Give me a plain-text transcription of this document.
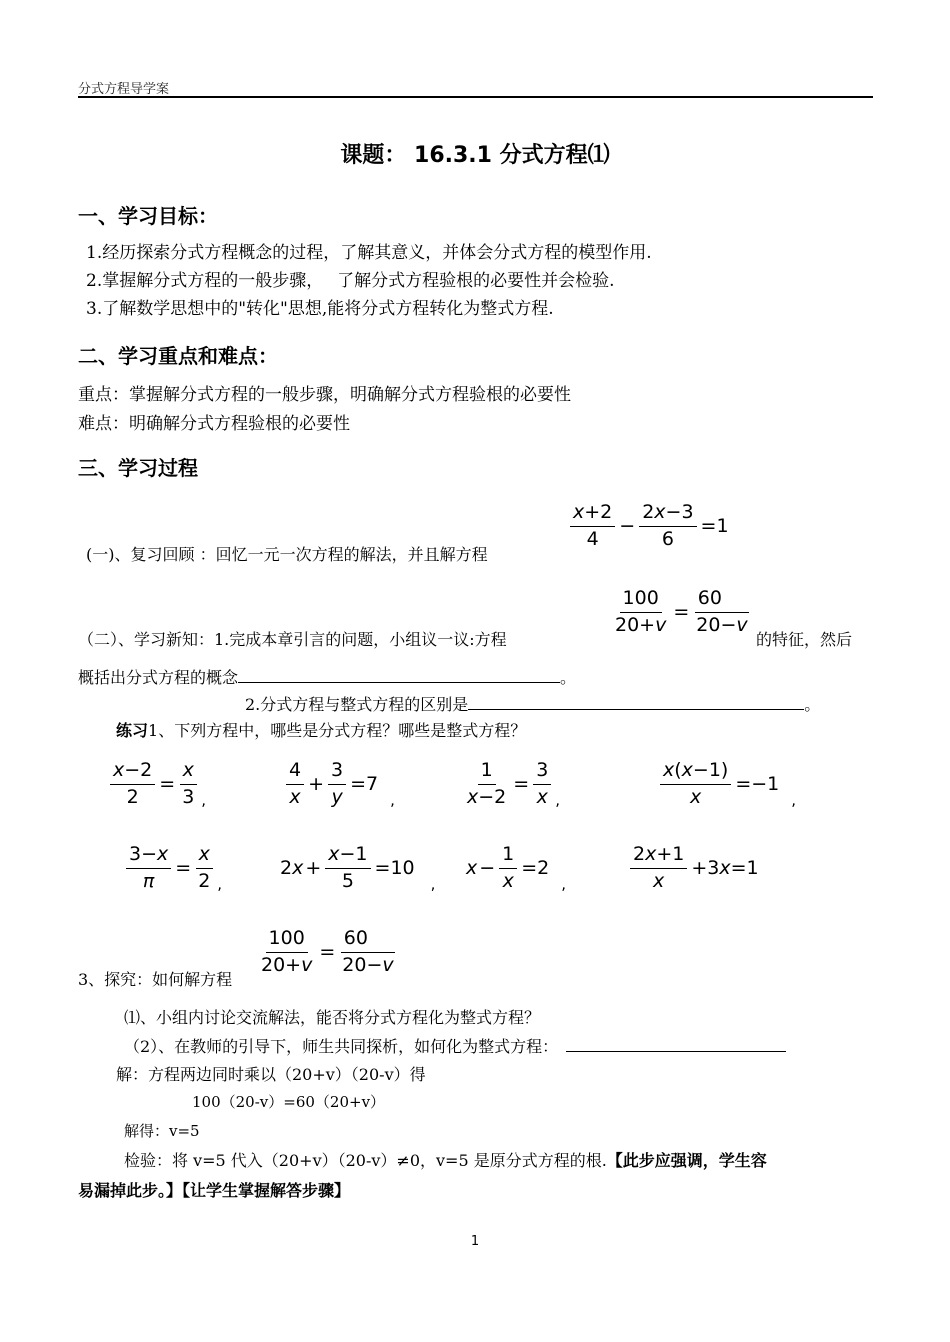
分式方程导学案
课题： 16.3.1 分式方程⑴
一、学习目标：
1.经历探索分式方程概念的过程，了解其意义，并体会分式方程的模型作用.
2.掌握解分式方程的一般步骤，　 了解分式方程验根的必要性并会检验.
3.了解数学思想中的"转化"思想,能将分式方程转化为整式方程.
二、学习重点和难点：
重点：掌握解分式方程的一般步骤，明确解分式方程验根的必要性
难点：明确解分式方程验根的必要性
三、学习过程
(一)、复习回顾 ：回忆一元一次方程的解法，并且解方程
$\frac{x+2}{4} - \frac{2x-3}{6} =1$
（二）、学习新知：1.完成本章引言的问题，小组议一议:方程
$\frac{100}{20+v} = \frac{60}{20-v}$
的特征，然后
概括出分式方程的概念	。
2.分式方程与整式方程的区别是	。
练习1、下列方程中，哪些是分式方程？哪些是整式方程？
$\frac{x-2}{2} = \frac{x}{3}$ ,	$\frac{4}{x} + \frac{3}{y} =7$
,	$\frac{1}{x-2} = \frac{3}{x}$ ,	$\frac{x(x-1)}{x} =-1$
,
$\frac{3-x}{\pi} = \frac{x}{2}$ ,
$2x + \frac{x-1}{5} =10$
,
$x - \frac{1}{x} =2$
,	$\frac{2x+1}{x} +3x=1$
3、探究：如何解方程
$\frac{100}{20+v} = \frac{60}{20-v}$
⑴、小组内讨论交流解法，能否将分式方程化为整式方程？
（2）、在教师的引导下，师生共同探析，如何化为整式方程：
解：方程两边同时乘以（20+v）（20-v）得
100（20-v）=60（20+v）
解得：v=5
检验：将 v=5 代入（20+v）（20-v）≠0，v=5 是原分式方程的根.【此步应强调，学生容
易漏掉此步。】【让学生掌握解答步骤】
1
